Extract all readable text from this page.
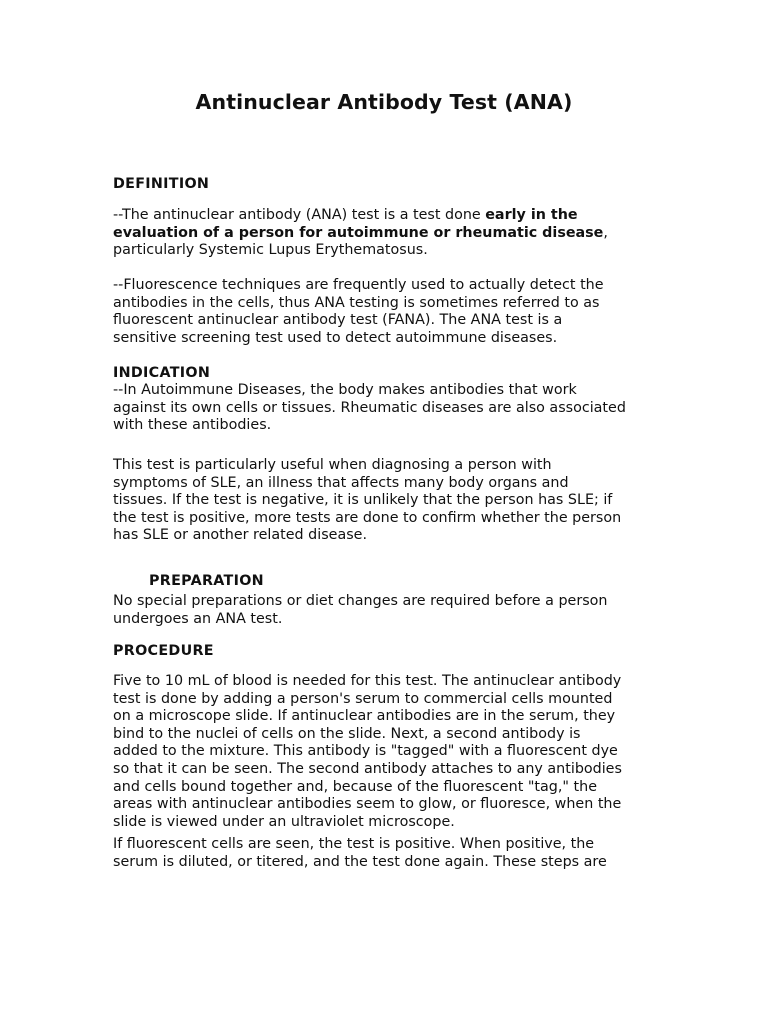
Antinuclear Antibody Test (ANA)
DEFINITION
--The antinuclear antibody (ANA) test is a test done early in the
evaluation of a person for autoimmune or rheumatic disease,
particularly Systemic Lupus Erythematosus.
--Fluorescence techniques are frequently used to actually detect the
antibodies in the cells, thus ANA testing is sometimes referred to as
fluorescent antinuclear antibody test (FANA). The ANA test is a
sensitive screening test used to detect autoimmune diseases.
INDICATION
--In Autoimmune Diseases, the body makes antibodies that work
against its own cells or tissues. Rheumatic diseases are also associated
with these antibodies.
This test is particularly useful when diagnosing a person with
symptoms of SLE, an illness that affects many body organs and
tissues. If the test is negative, it is unlikely that the person has SLE; if
the test is positive, more tests are done to confirm whether the person
has SLE or another related disease.
PREPARATION
No special preparations or diet changes are required before a person
undergoes an ANA test.
PROCEDURE
Five to 10 mL of blood is needed for this test. The antinuclear antibody
test is done by adding a person's serum to commercial cells mounted
on a microscope slide. If antinuclear antibodies are in the serum, they
bind to the nuclei of cells on the slide. Next, a second antibody is
added to the mixture. This antibody is "tagged" with a fluorescent dye
so that it can be seen. The second antibody attaches to any antibodies
and cells bound together and, because of the fluorescent "tag," the
areas with antinuclear antibodies seem to glow, or fluoresce, when the
slide is viewed under an ultraviolet microscope.
If fluorescent cells are seen, the test is positive. When positive, the
serum is diluted, or titered, and the test done again. These steps are
